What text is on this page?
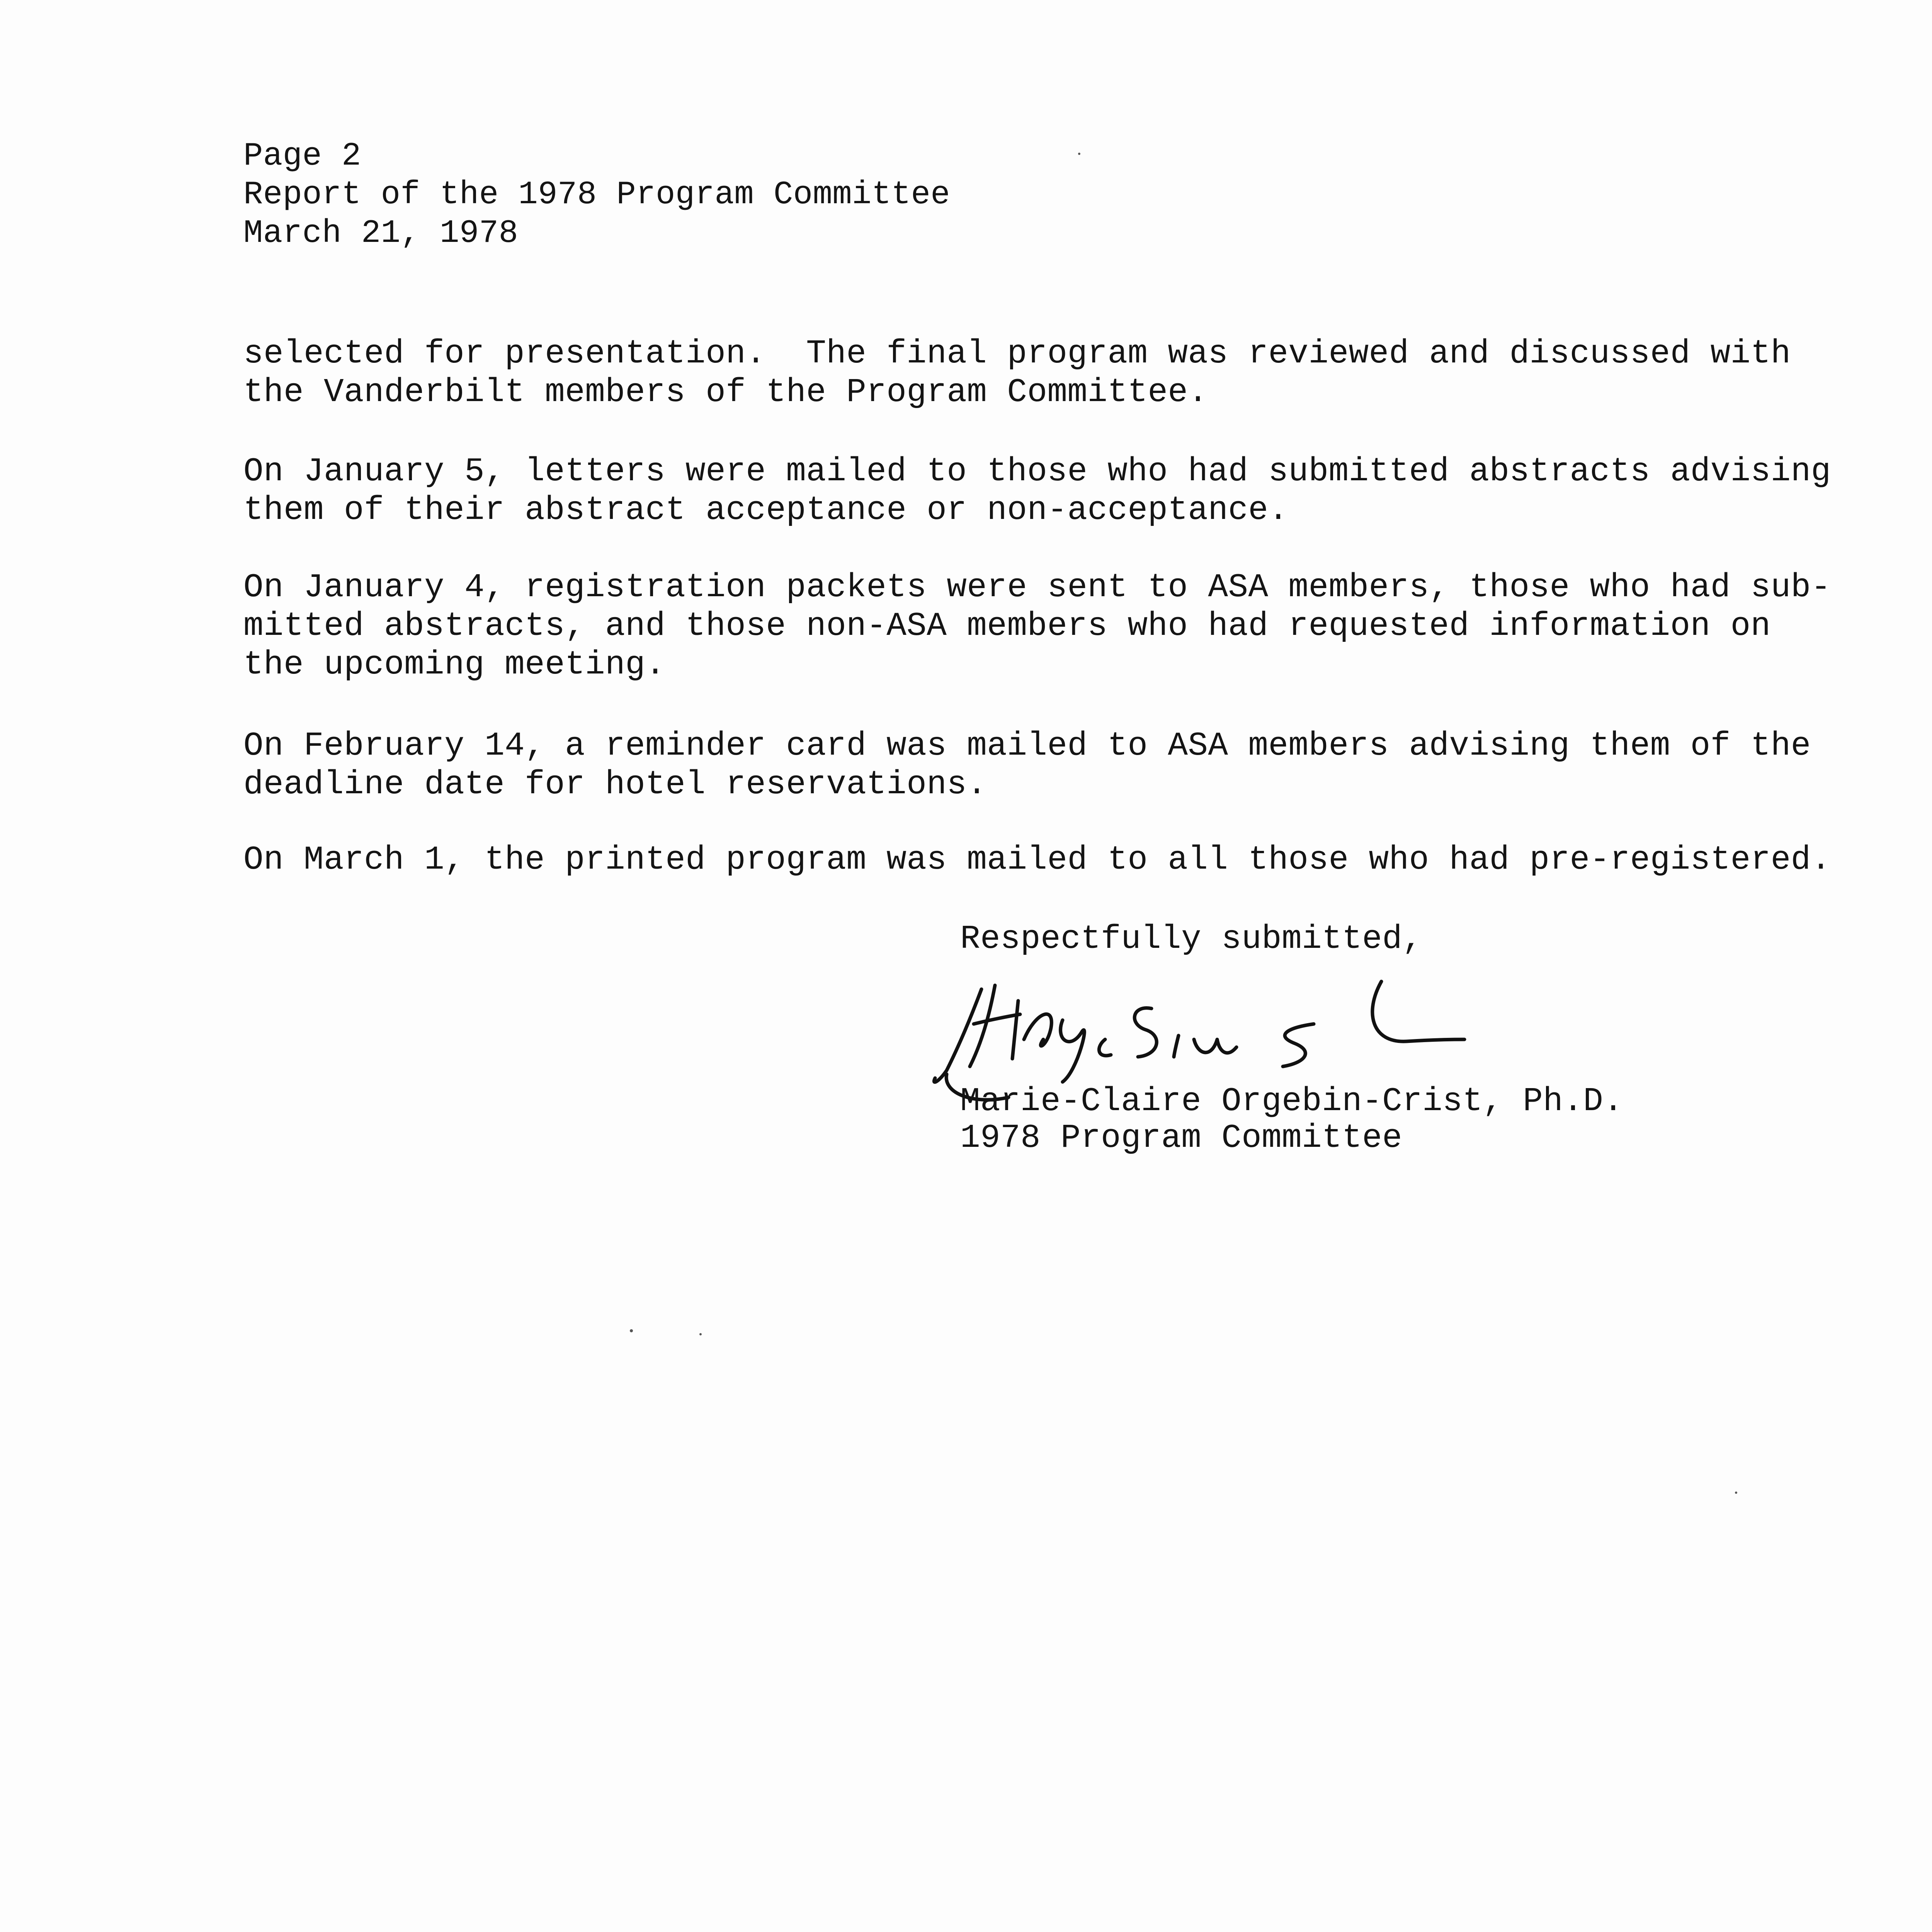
Page 2
Report of the 1978 Program Committee
March 21, 1978
selected for presentation.  The final program was reviewed and discussed with
the Vanderbilt members of the Program Committee.
On January 5, letters were mailed to those who had submitted abstracts advising
them of their abstract acceptance or non-acceptance.
On January 4, registration packets were sent to ASA members, those who had sub-
mitted abstracts, and those non-ASA members who had requested information on
the upcoming meeting.
On February 14, a reminder card was mailed to ASA members advising them of the
deadline date for hotel reservations.
On March 1, the printed program was mailed to all those who had pre-registered.
Respectfully submitted,
Marie-Claire Orgebin-Crist, Ph.D.
1978 Program Committee
